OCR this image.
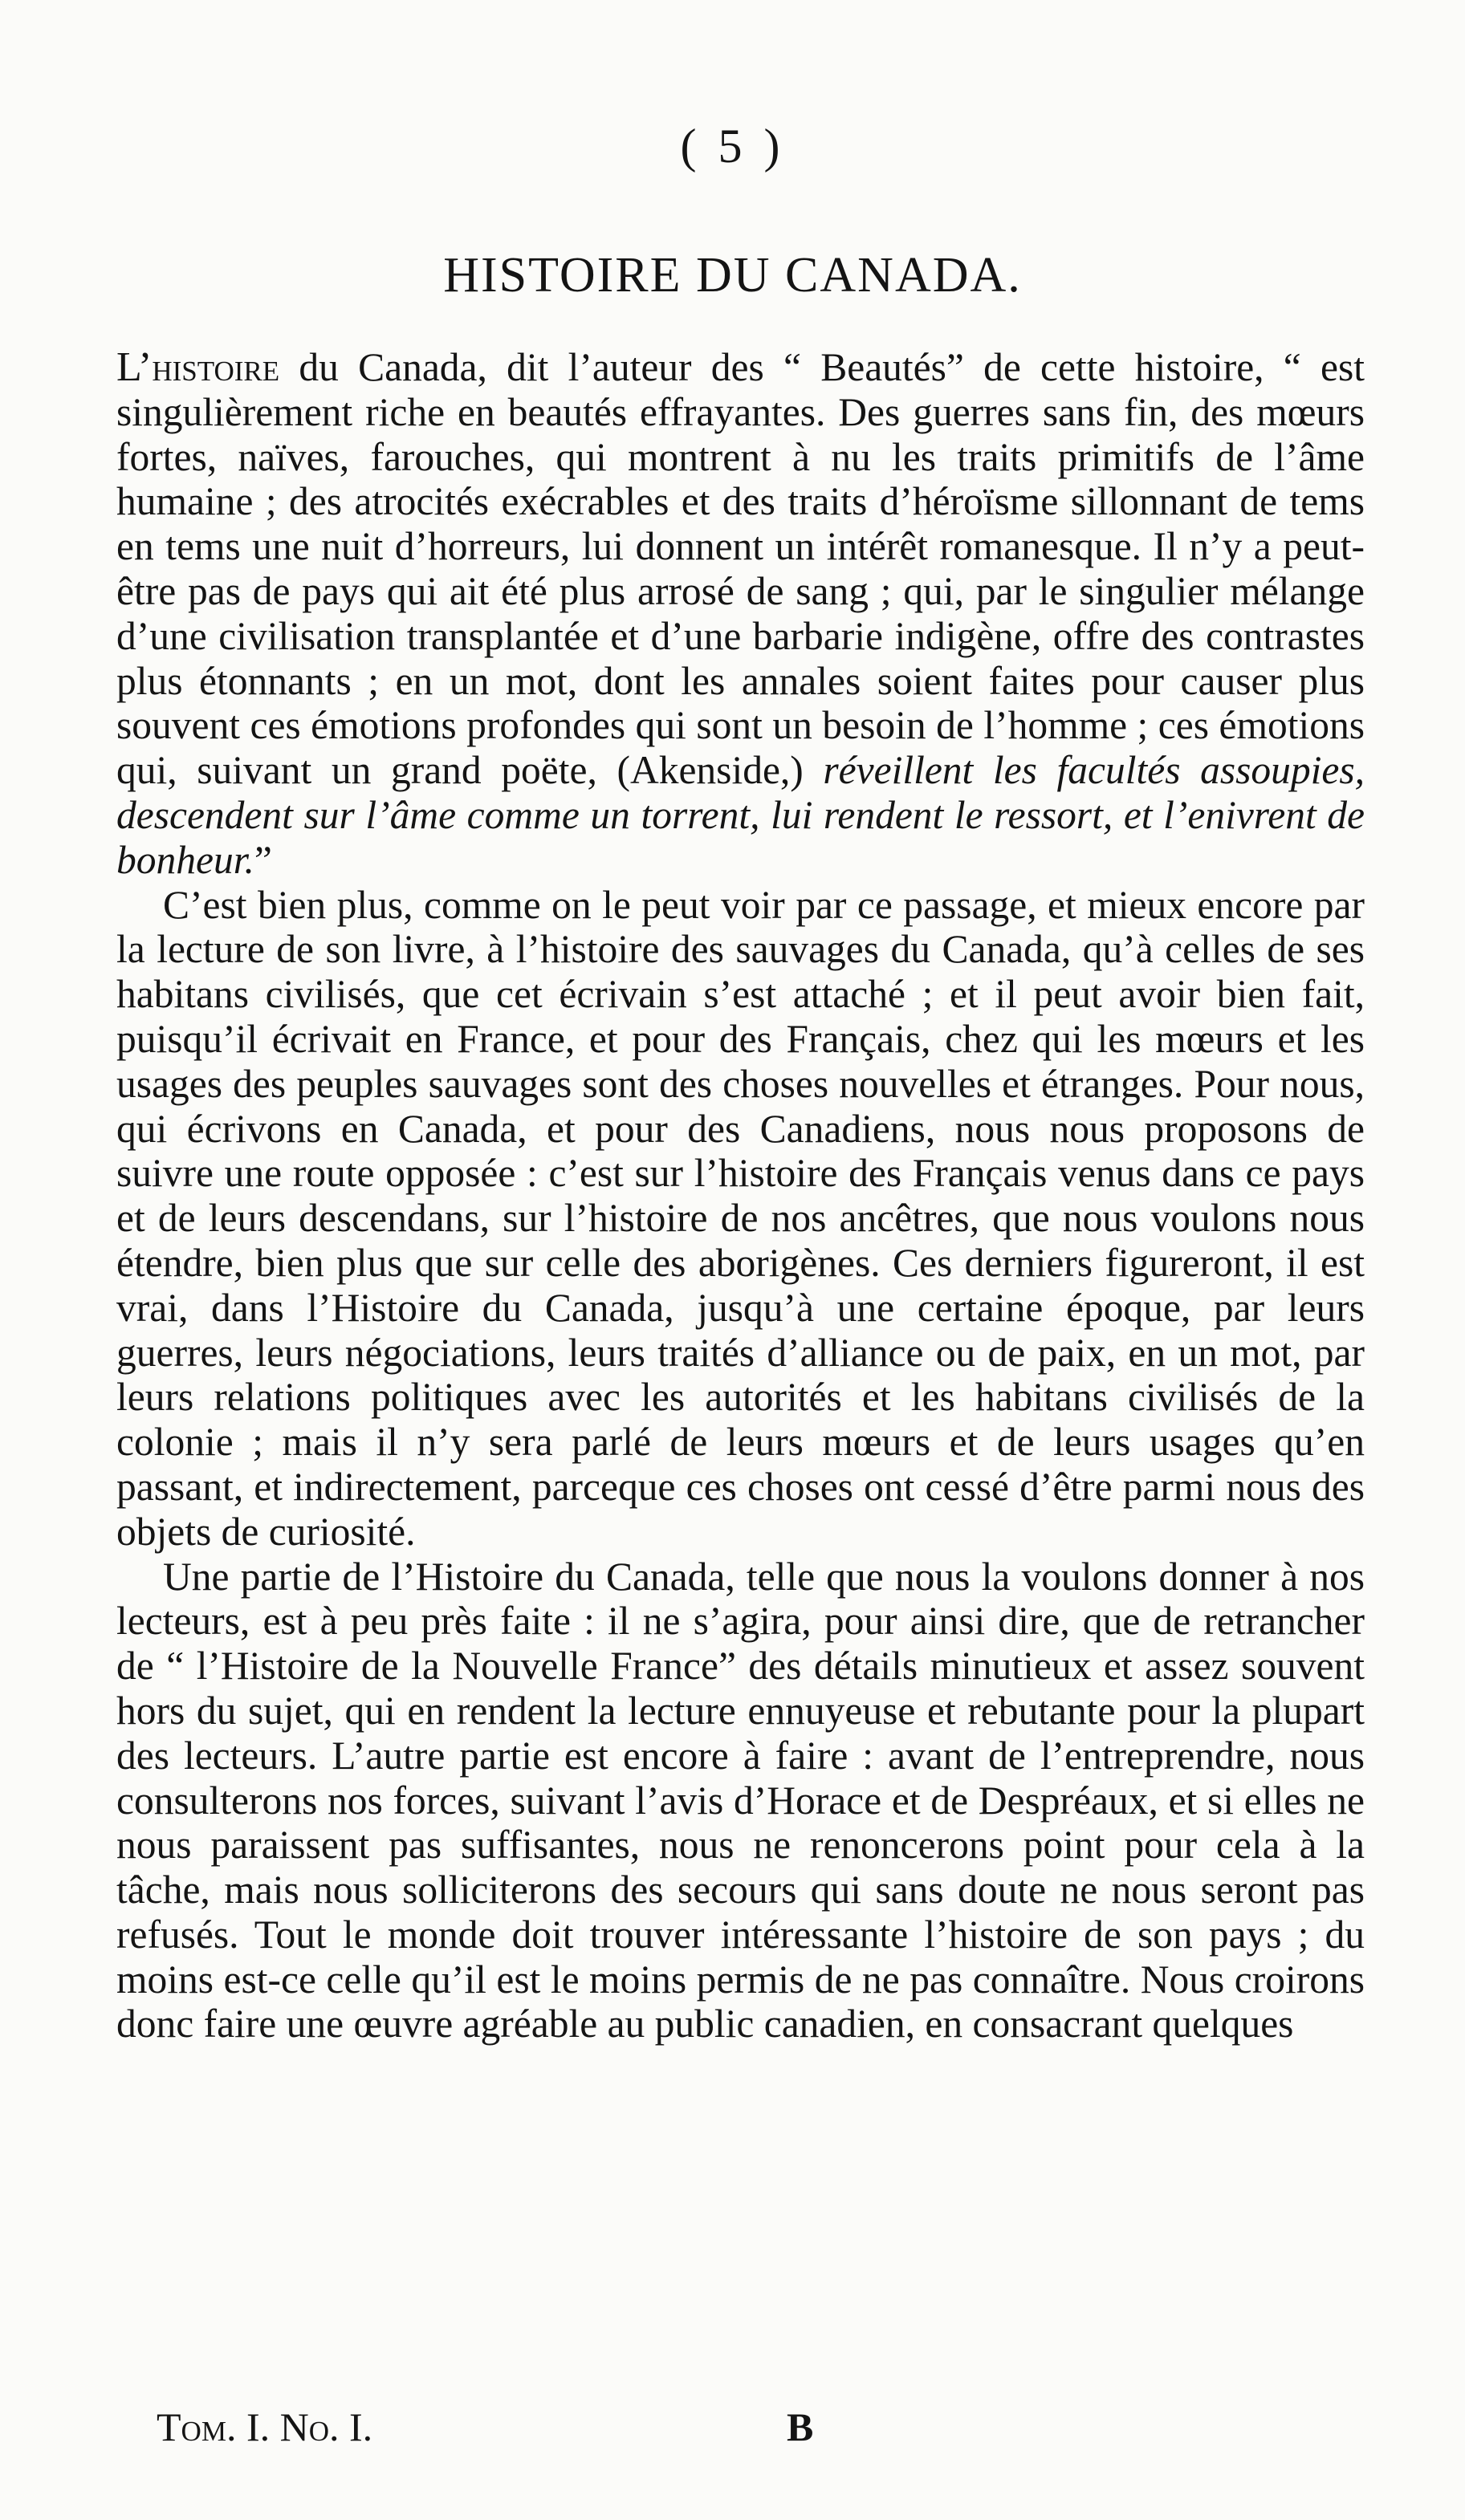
( 5 )
HISTOIRE DU CANADA.

L’histoire du Canada, dit l’auteur des “ Beautés” de cette histoire, “ est singulièrement riche en beautés effrayantes. Des guerres sans fin, des mœurs fortes, naïves, farouches, qui montrent à nu les traits primitifs de l’âme humaine ; des atrocités exécrables et des traits d’héroïsme sillonnant de tems en tems une nuit d’horreurs, lui donnent un intérêt romanesque. Il n’y a peut-être pas de pays qui ait été plus arrosé de sang ; qui, par le singulier mélange d’une civilisation transplantée et d’une barbarie indigène, offre des contrastes plus étonnants ; en un mot, dont les annales soient faites pour causer plus souvent ces émotions profondes qui sont un besoin de l’homme ; ces émotions qui, suivant un grand poëte, (Akenside,) réveillent les facultés assoupies, descendent sur l’âme comme un torrent, lui rendent le ressort, et l’enivrent de bonheur.”

C’est bien plus, comme on le peut voir par ce passage, et mieux encore par la lecture de son livre, à l’histoire des sauvages du Canada, qu’à celles de ses habitans civilisés, que cet écrivain s’est attaché ; et il peut avoir bien fait, puisqu’il écrivait en France, et pour des Français, chez qui les mœurs et les usages des peuples sauvages sont des choses nouvelles et étranges. Pour nous, qui écrivons en Canada, et pour des Canadiens, nous nous proposons de suivre une route opposée : c’est sur l’histoire des Français venus dans ce pays et de leurs descendans, sur l’histoire de nos ancêtres, que nous voulons nous étendre, bien plus que sur celle des aborigènes. Ces derniers figureront, il est vrai, dans l’Histoire du Canada, jusqu’à une certaine époque, par leurs guerres, leurs négociations, leurs traités d’alliance ou de paix, en un mot, par leurs relations politiques avec les autorités et les habitans civilisés de la colonie ; mais il n’y sera parlé de leurs mœurs et de leurs usages qu’en passant, et indirectement, parceque ces choses ont cessé d’être parmi nous des objets de curiosité.

Une partie de l’Histoire du Canada, telle que nous la voulons donner à nos lecteurs, est à peu près faite : il ne s’agira, pour ainsi dire, que de retrancher de “ l’Histoire de la Nouvelle France” des détails minutieux et assez souvent hors du sujet, qui en rendent la lecture ennuyeuse et rebutante pour la plupart des lecteurs. L’autre partie est encore à faire : avant de l’entreprendre, nous consulterons nos forces, suivant l’avis d’Horace et de Despréaux, et si elles ne nous paraissent pas suffisantes, nous ne renoncerons point pour cela à la tâche, mais nous solliciterons des secours qui sans doute ne nous seront pas refusés. Tout le monde doit trouver intéressante l’histoire de son pays ; du moins est-ce celle qu’il est le moins permis de ne pas connaître. Nous croirons donc faire une œuvre agréable au public canadien, en consacrant quelques

Tom. I. No. I.	B
